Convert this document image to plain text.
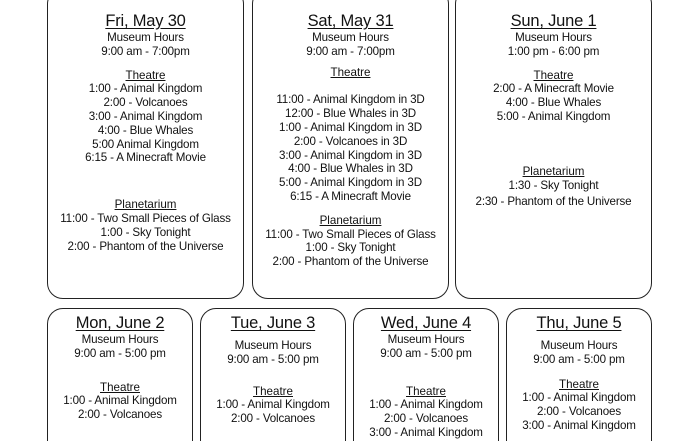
Fri, May 30
Museum Hours
9:00 am - 7:00pm
Theatre
1:00 - Animal Kingdom
2:00 - Volcanoes
3:00 - Animal Kingdom
4:00 - Blue Whales
5:00 Animal Kingdom
6:15 - A Minecraft Movie
Planetarium
11:00 - Two Small Pieces of Glass
1:00 - Sky Tonight
2:00 - Phantom of the Universe
Sat, May 31
Museum Hours
9:00 am - 7:00pm
Theatre
11:00 - Animal Kingdom in 3D
12:00 - Blue Whales in 3D
1:00 - Animal Kingdom in 3D
2:00 - Volcanoes in 3D
3:00 - Animal Kingdom in 3D
4:00 - Blue Whales in 3D
5:00 - Animal Kingdom in 3D
6:15 - A Minecraft Movie
Planetarium
11:00 - Two Small Pieces of Glass
1:00 - Sky Tonight
2:00 - Phantom of the Universe
Sun, June 1
Museum Hours
1:00 pm - 6:00 pm
Theatre
2:00 - A Minecraft Movie
4:00 - Blue Whales
5:00 - Animal Kingdom
Planetarium
1:30 - Sky Tonight
2:30 - Phantom of the Universe
Mon, June 2
Museum Hours
9:00 am - 5:00 pm
Theatre
1:00 - Animal Kingdom
2:00 - Volcanoes
Tue, June 3
Museum Hours
9:00 am - 5:00 pm
Theatre
1:00 - Animal Kingdom
2:00 - Volcanoes
Wed, June 4
Museum Hours
9:00 am - 5:00 pm
Theatre
1:00 - Animal Kingdom
2:00 - Volcanoes
3:00 - Animal Kingdom
Thu, June 5
Museum Hours
9:00 am - 5:00 pm
Theatre
1:00 - Animal Kingdom
2:00 - Volcanoes
3:00 - Animal Kingdom
